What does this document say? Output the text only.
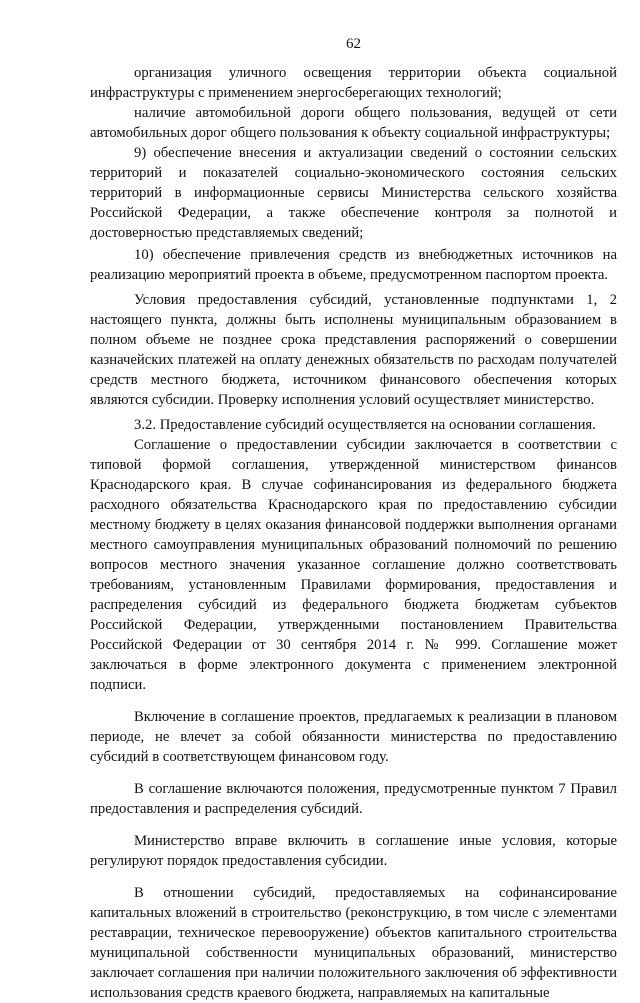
62

организация уличного освещения территории объекта социальной инфраструктуры с применением энергосберегающих технологий;

наличие автомобильной дороги общего пользования, ведущей от сети автомобильных дорог общего пользования к объекту социальной инфраструктуры;

9) обеспечение внесения и актуализации сведений о состоянии сельских территорий и показателей социально-экономического состояния сельских территорий в информационные сервисы Министерства сельского хозяйства Российской Федерации, а также обеспечение контроля за полнотой и достоверностью представляемых сведений;

10) обеспечение привлечения средств из внебюджетных источников на реализацию мероприятий проекта в объеме, предусмотренном паспортом проекта.

Условия предоставления субсидий, установленные подпунктами 1, 2 настоящего пункта, должны быть исполнены муниципальным образованием в полном объеме не позднее срока представления распоряжений о совершении казначейских платежей на оплату денежных обязательств по расходам получателей средств местного бюджета, источником финансового обеспечения которых являются субсидии. Проверку исполнения условий осуществляет министерство.

3.2. Предоставление субсидий осуществляется на основании соглашения.

Соглашение о предоставлении субсидии заключается в соответствии с типовой формой соглашения, утвержденной министерством финансов Краснодарского края. В случае софинансирования из федерального бюджета расходного обязательства Краснодарского края по предоставлению субсидии местному бюджету в целях оказания финансовой поддержки выполнения органами местного самоуправления муниципальных образований полномочий по решению вопросов местного значения указанное соглашение должно соответствовать требованиям, установленным Правилами формирования, предоставления и распределения субсидий из федерального бюджета бюджетам субъектов Российской Федерации, утвержденными постановлением Правительства Российской Федерации от 30 сентября 2014 г. № 999. Соглашение может заключаться в форме электронного документа с применением электронной подписи.

Включение в соглашение проектов, предлагаемых к реализации в плановом периоде, не влечет за собой обязанности министерства по предоставлению субсидий в соответствующем финансовом году.

В соглашение включаются положения, предусмотренные пунктом 7 Правил предоставления и распределения субсидий.

Министерство вправе включить в соглашение иные условия, которые регулируют порядок предоставления субсидии.

В отношении субсидий, предоставляемых на софинансирование капитальных вложений в строительство (реконструкцию, в том числе с элементами реставрации, техническое перевооружение) объектов капитального строительства муниципальной собственности муниципальных образований, министерство заключает соглашения при наличии положительного заключения об эффективности использования средств краевого бюджета, направляемых на капитальные
